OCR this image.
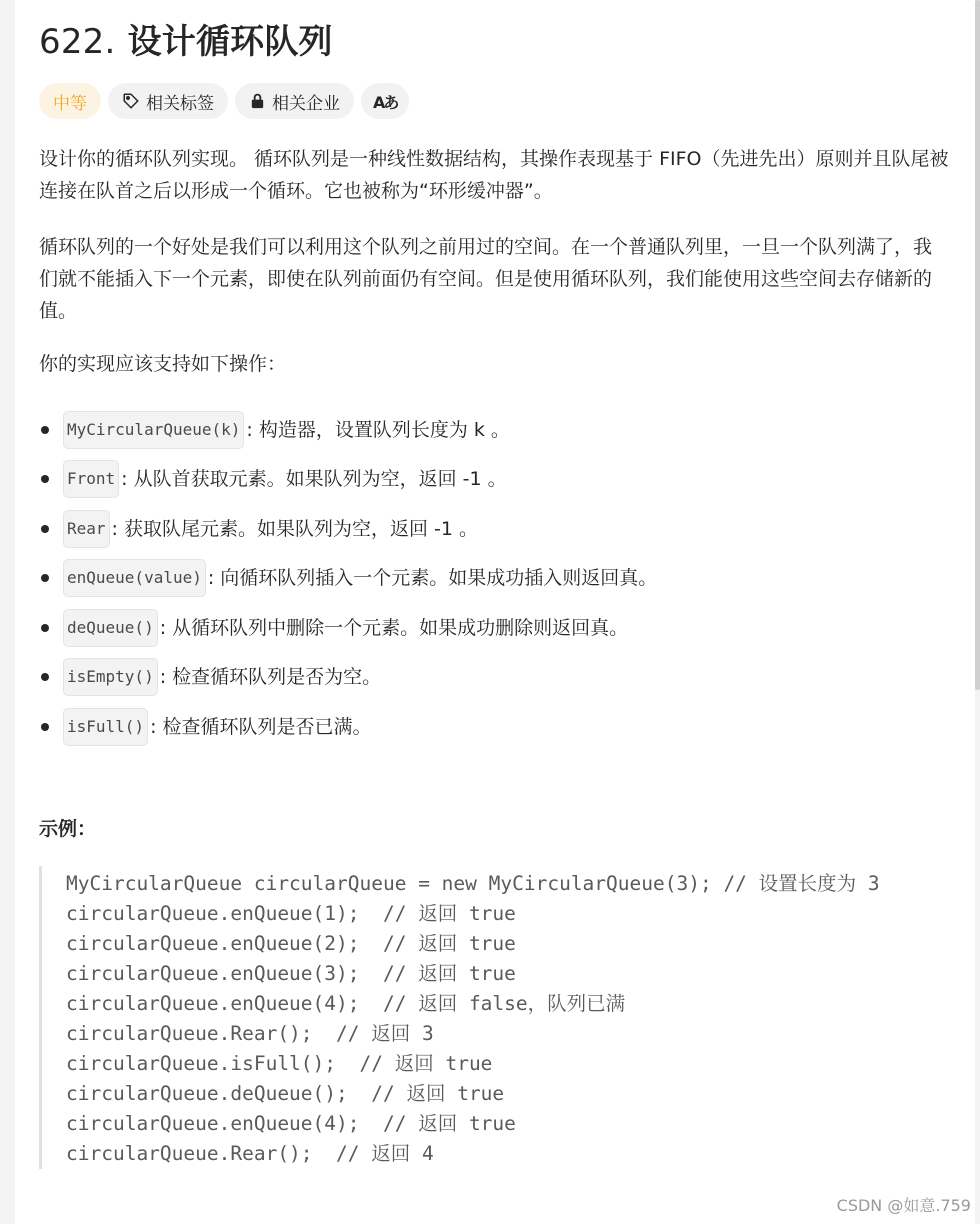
622. 设计循环队列
中等	相关标签	相关企业 Aあ

设计你的循环队列实现。 循环队列是一种线性数据结构，其操作表现基于 FIFO（先进先出）原则并且队尾被连接在队首之后以形成一个循环。它也被称为“环形缓冲器”。

循环队列的一个好处是我们可以利用这个队列之前用过的空间。在一个普通队列里，一旦一个队列满了，我们就不能插入下一个元素，即使在队列前面仍有空间。但是使用循环队列，我们能使用这些空间去存储新的值。

你的实现应该支持如下操作：

MyCircularQueue(k) : 构造器，设置队列长度为 k 。
Front : 从队首获取元素。如果队列为空，返回 -1 。
Rear : 获取队尾元素。如果队列为空，返回 -1 。
enQueue(value) : 向循环队列插入一个元素。如果成功插入则返回真。
deQueue() : 从循环队列中删除一个元素。如果成功删除则返回真。
isEmpty() : 检查循环队列是否为空。
isFull() : 检查循环队列是否已满。
示例：
MyCircularQueue circularQueue = new MyCircularQueue(3); // 设置长度为 3
circularQueue.enQueue(1);  // 返回 true
circularQueue.enQueue(2);  // 返回 true
circularQueue.enQueue(3);  // 返回 true
circularQueue.enQueue(4);  // 返回 false，队列已满
circularQueue.Rear();  // 返回 3
circularQueue.isFull();  // 返回 true
circularQueue.deQueue();  // 返回 true
circularQueue.enQueue(4);  // 返回 true
circularQueue.Rear();  // 返回 4
CSDN @如意.759
